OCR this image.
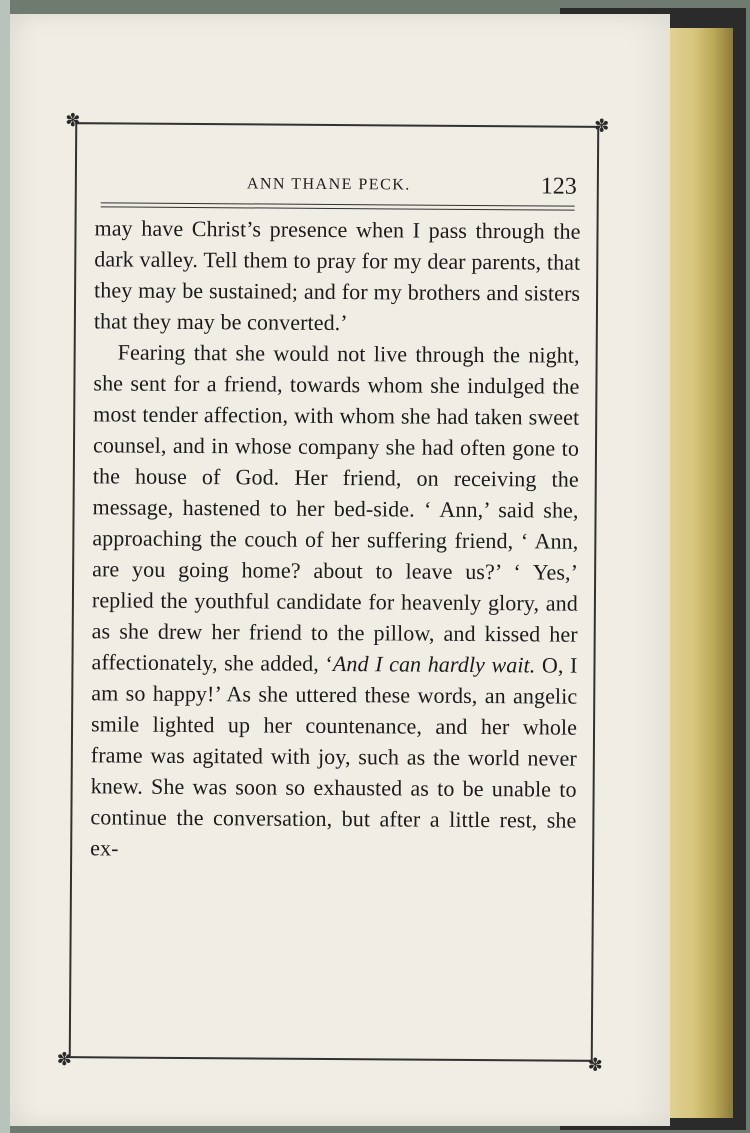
✽	✽
✽	✽
ANN THANE PECK.	123

may have Christ’s presence when I pass through the dark valley. Tell them to pray for my dear parents, that they may be sustained; and for my brothers and sisters that they may be converted.’

Fearing that she would not live through the night, she sent for a friend, towards whom she indulged the most tender affection, with whom she had taken sweet counsel, and in whose company she had often gone to the house of God. Her friend, on receiving the message, hastened to her bed-side. ‘ Ann,’ said she, approaching the couch of her suffering friend, ‘ Ann, are you going home? about to leave us?’ ‘ Yes,’ replied the youthful candidate for heavenly glory, and as she drew her friend to the pillow, and kissed her affectionately, she added, ‘And I can hardly wait. O, I am so happy!’ As she uttered these words, an angelic smile lighted up her countenance, and her whole frame was agitated with joy, such as the world never knew. She was soon so exhausted as to be unable to continue the conversation, but after a little rest, she ex-
